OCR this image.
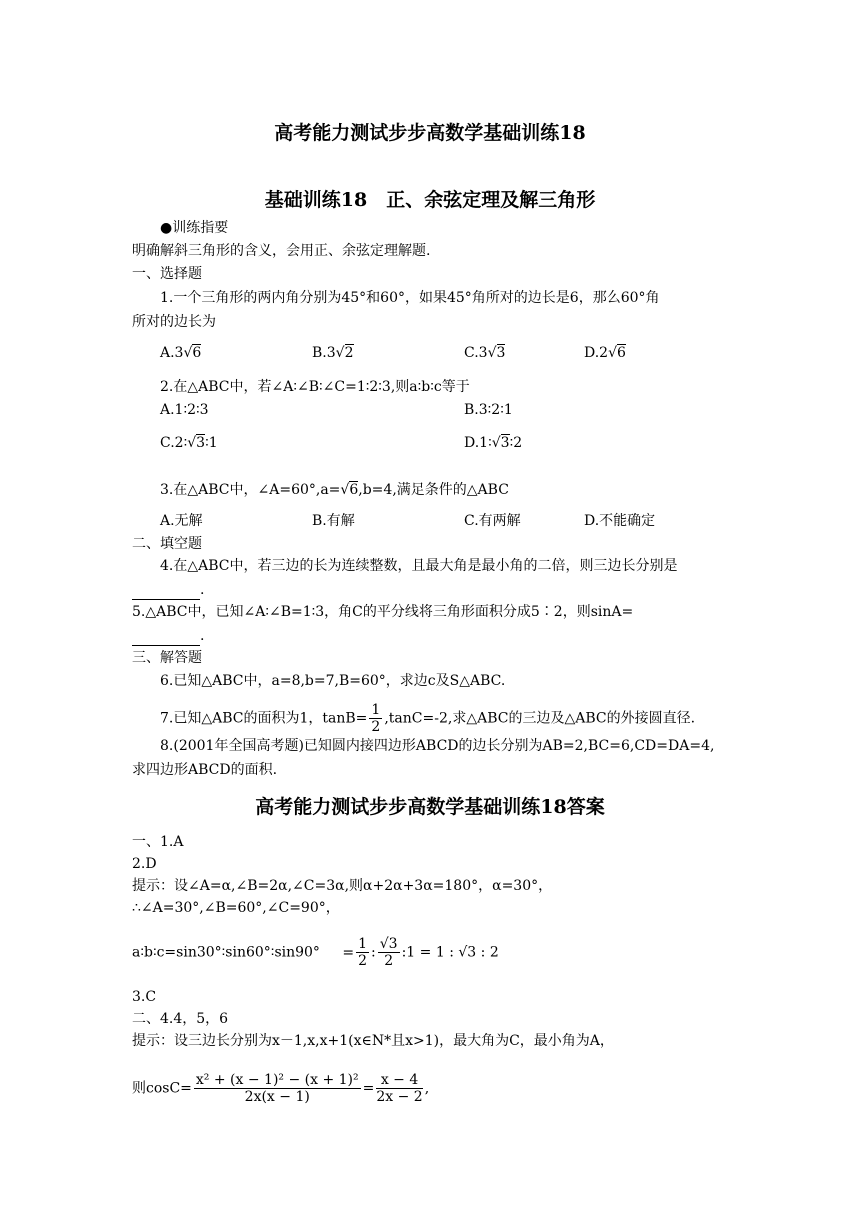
高考能力测试步步高数学基础训练18
基础训练18　正、余弦定理及解三角形
●训练指要
明确解斜三角形的含义，会用正、余弦定理解题.
一、选择题
1.一个三角形的两内角分别为45°和60°，如果45°角所对的边长是6，那么60°角
所对的边长为
A.3√6	B.3√2	C.3√3	D.2√6
2.在△ABC中，若∠A∶∠B∶∠C=1∶2∶3,则a∶b∶c等于
A.1∶2∶3	B.3∶2∶1
C.2∶√3∶1	D.1∶√3∶2
3.在△ABC中，∠A=60°,a=√6,b=4,满足条件的△ABC
A.无解	B.有解	C.有两解	D.不能确定
二、填空题
4.在△ABC中，若三边的长为连续整数，且最大角是最小角的二倍，则三边长分别是
.
5.△ABC中，已知∠A∶∠B=1∶3，角C的平分线将三角形面积分成5∶2，则sinA=
.
三、解答题
6.已知△ABC中，a=8,b=7,B=60°，求边c及S△ABC.
7.已知△ABC的面积为1，$\tan B= \frac{1}{2} ,\tan C=-2$,求△ABC的三边及△ABC的外接圆直径.
8.(2001年全国高考题)已知圆内接四边形ABCD的边长分别为AB=2,BC=6,CD=DA=4,
求四边形ABCD的面积.
高考能力测试步步高数学基础训练18答案
一、1.A
2.D
提示：设∠A=α,∠B=2α,∠C=3α,则α+2α+3α=180°，α=30°，
∴∠A=30°,∠B=60°,∠C=90°，
a∶b∶c=sin30°∶sin60°∶sin90° = $\frac{1}{2}$ : $\frac{√3}{2}$ :1 = 1 : √3 : 2
3.C
二、4.4，5，6
提示：设三边长分别为x－1,x,x+1(x∈N*且x>1)，最大角为C，最小角为A，
则$\cos C= \frac{\text{x² + (x − 1)² − (x + 1)²}}{2x(x - 1)} = \frac{x - 4}{2x - 2}$ ,
